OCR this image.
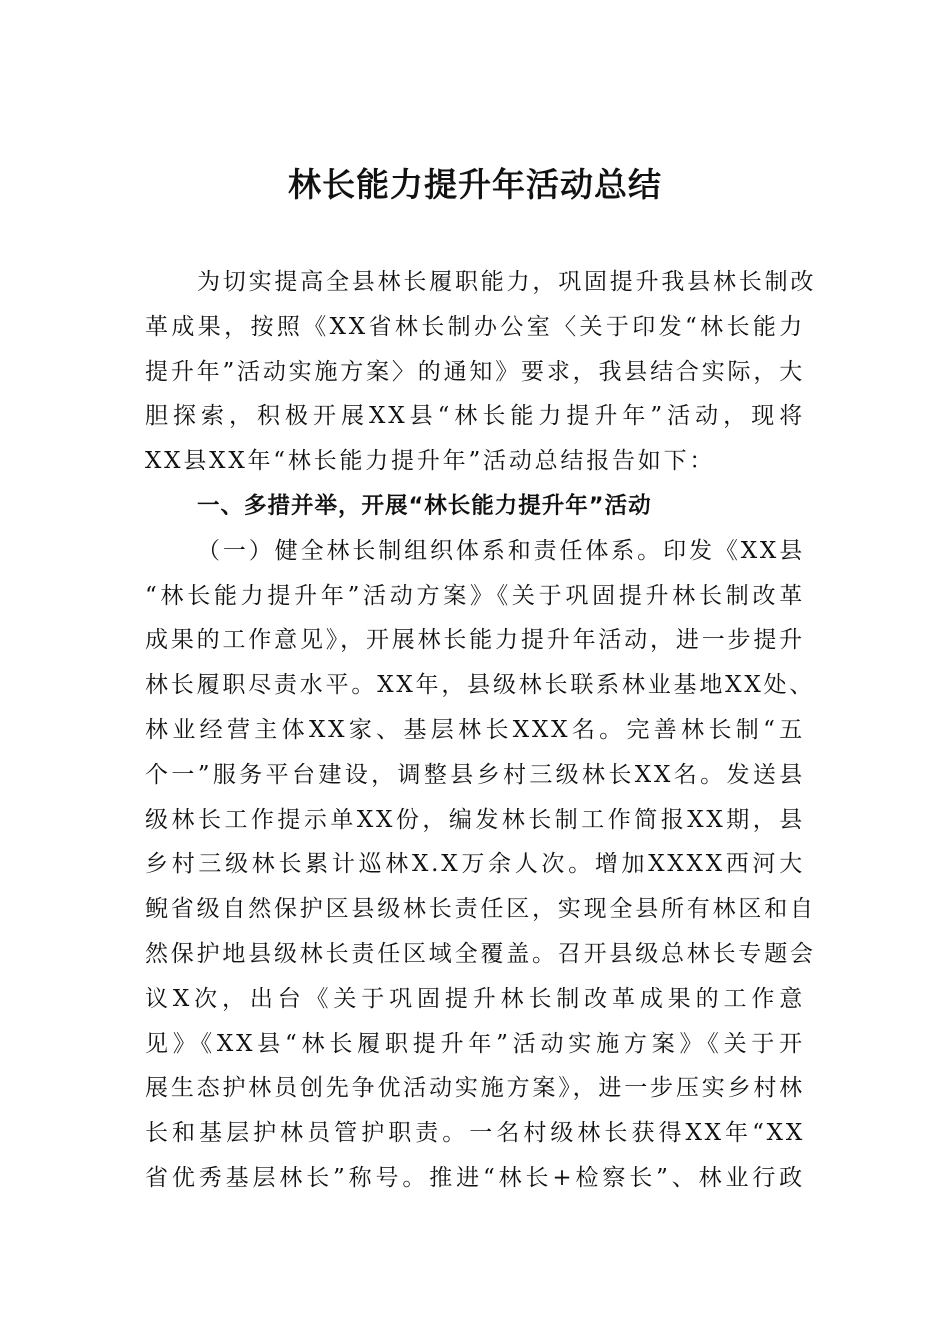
林长能力提升年活动总结
为切实提高全县林长履职能力，巩固提升我县林长制改
革成果，按照《XX省林长制办公室〈关于印发“林长能力
提升年”活动实施方案〉的通知》要求，我县结合实际，大
胆探索，积极开展XX县“林长能力提升年”活动，现将
XX县XX年“林长能力提升年”活动总结报告如下：
一、多措并举，开展“林长能力提升年”活动
（一）健全林长制组织体系和责任体系。印发《XX县
“林长能力提升年”活动方案》《关于巩固提升林长制改革
成果的工作意见》，开展林长能力提升年活动，进一步提升
林长履职尽责水平。XX年，县级林长联系林业基地XX处、
林业经营主体XX家、基层林长XXX名。完善林长制“五
个一”服务平台建设，调整县乡村三级林长XX名。发送县
级林长工作提示单XX份，编发林长制工作简报XX期，县
乡村三级林长累计巡林X.X万余人次。增加XXXX西河大
鲵省级自然保护区县级林长责任区，实现全县所有林区和自
然保护地县级林长责任区域全覆盖。召开县级总林长专题会
议X次，出台《关于巩固提升林长制改革成果的工作意
见》《XX县“林长履职提升年”活动实施方案》《关于开
展生态护林员创先争优活动实施方案》，进一步压实乡村林
长和基层护林员管护职责。一名村级林长获得XX年“XX
省优秀基层林长”称号。推进“林长+检察长”、林业行政
